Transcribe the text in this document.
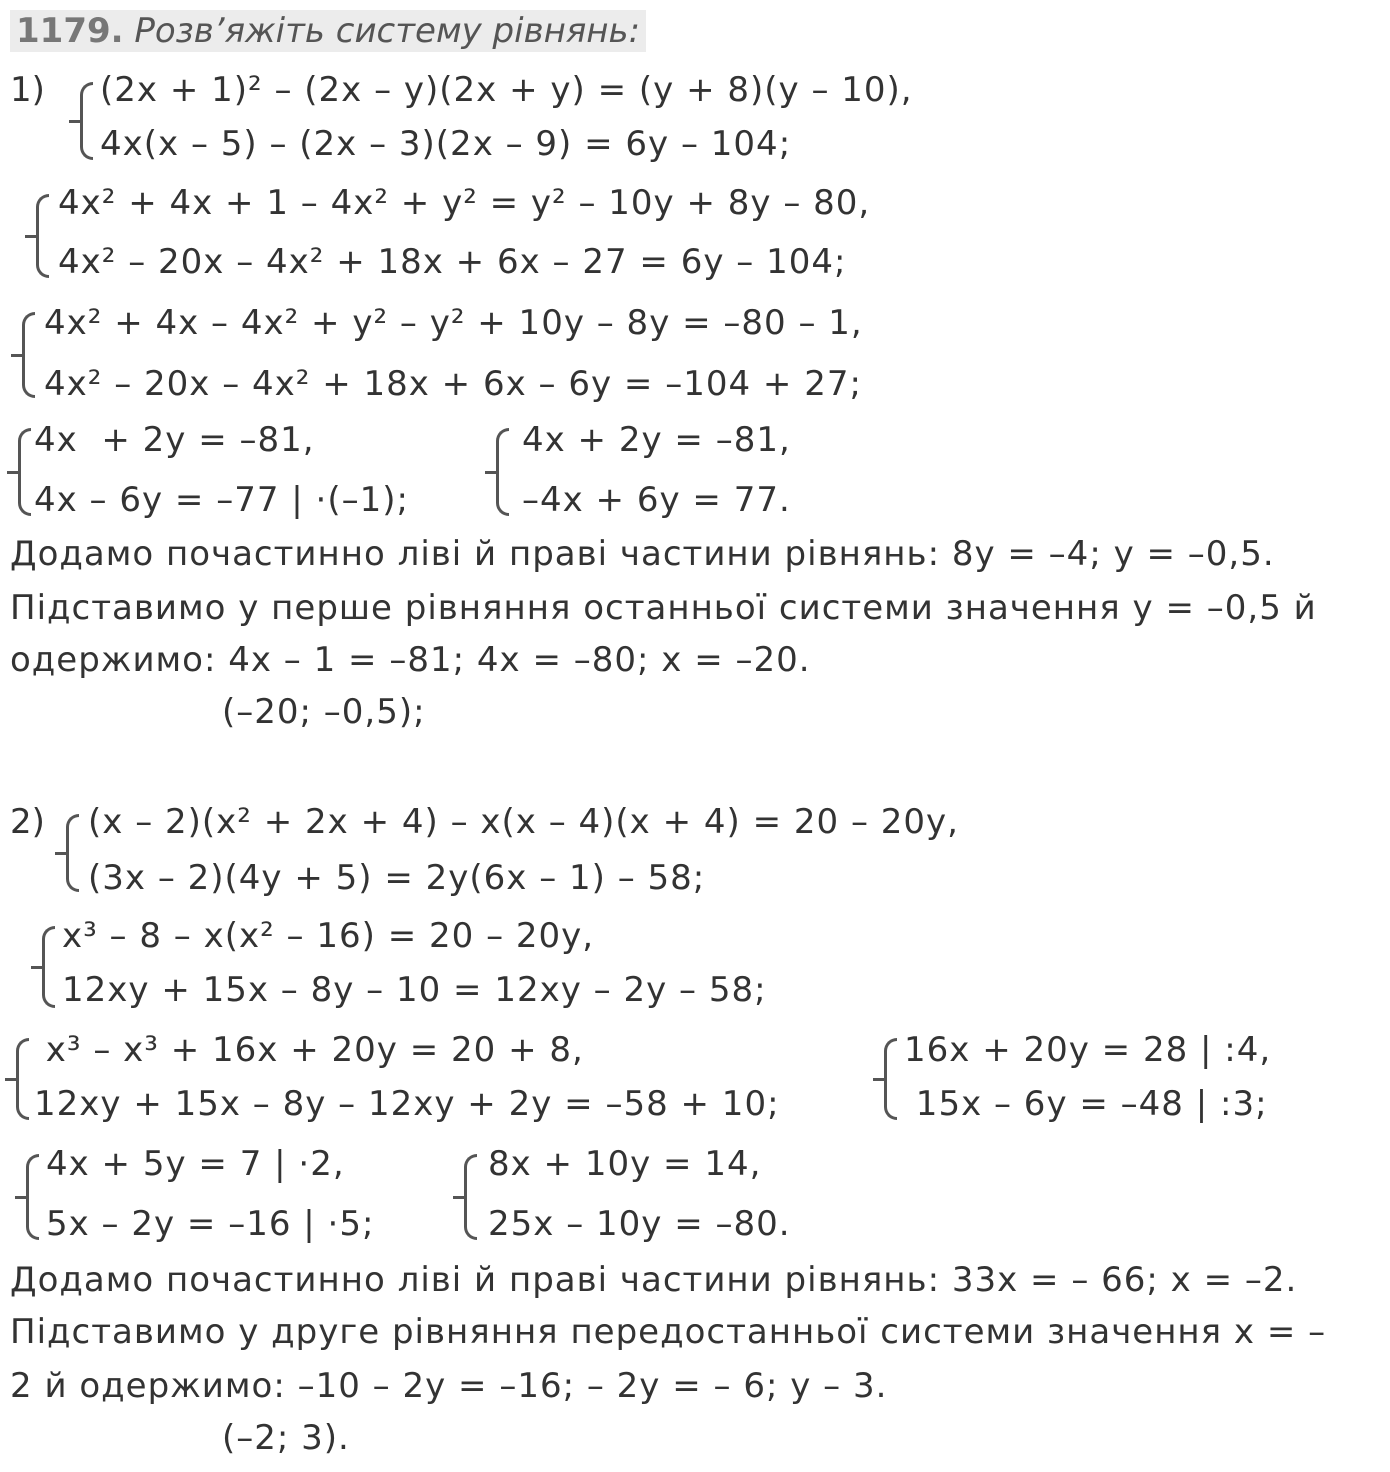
1179. Розв’яжіть систему рівнянь:
1) (2x + 1)² – (2x – y)(2x + y) = (y + 8)(y – 10),
4x(x – 5) – (2x – 3)(2x – 9) = 6y – 104;
4x² + 4x + 1 – 4x² + y² = y² – 10y + 8y – 80,
4x² – 20x – 4x² + 18x + 6x – 27 = 6y – 104;
4x² + 4x – 4x² + y² – y² + 10y – 8y = –80 – 1,
4x² – 20x – 4x² + 18x + 6x – 6y = –104 + 27;
4x  + 2y = –81,
4x – 6y = –77 | ·(–1);
4x + 2y = –81,
–4x + 6y = 77.
Додамо почастинно ліві й праві частини рівнянь: 8y = –4; y = –0,5.
Підставимо у перше рівняння останньої системи значення y = –0,5 й
одержимо: 4x – 1 = –81; 4x = –80; x = –20.
(–20; –0,5);
2) (x – 2)(x² + 2x + 4) – x(x – 4)(x + 4) = 20 – 20y,
(3x – 2)(4y + 5) = 2y(6x – 1) – 58;
x³ – 8 – x(x² – 16) = 20 – 20y,
12xy + 15x – 8y – 10 = 12xy – 2y – 58;
x³ – x³ + 16x + 20y = 20 + 8,
12xy + 15x – 8y – 12xy + 2y = –58 + 10;
16x + 20y = 28 | :4,
15x – 6y = –48 | :3;
4x + 5y = 7 | ·2,
5x – 2y = –16 | ·5;
8x + 10y = 14,
25x – 10y = –80.
Додамо почастинно ліві й праві частини рівнянь: 33x = – 66; x = –2.
Підставимо у друге рівняння передостанньої системи значення x = –
2 й одержимо: –10 – 2y = –16; – 2y = – 6; y – 3.
(–2; 3).
